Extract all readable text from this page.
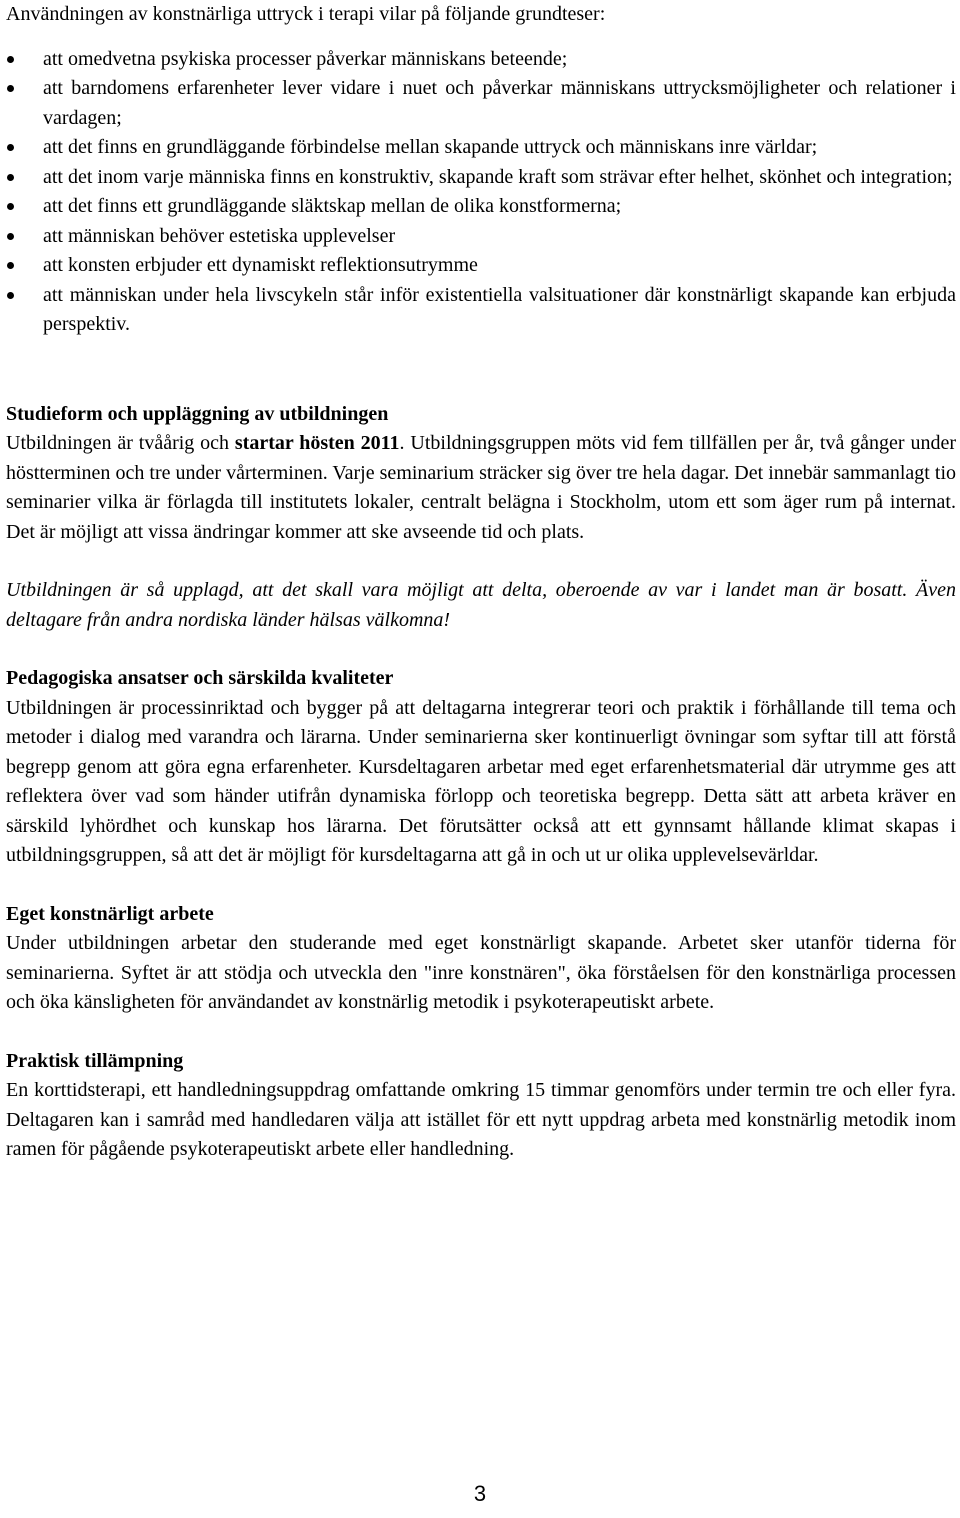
Användningen av konstnärliga uttryck i terapi vilar på följande grundteser:

att omedvetna psykiska processer påverkar människans beteende;
att barndomens erfarenheter lever vidare i nuet och påverkar människans uttrycksmöjligheter och relationer i vardagen;
att det finns en grundläggande förbindelse mellan skapande uttryck och människans inre världar;
att det inom varje människa finns en konstruktiv, skapande kraft som strävar efter helhet, skönhet och integration;
att det finns ett grundläggande släktskap mellan de olika konstformerna;
att människan behöver estetiska upplevelser
att konsten erbjuder ett dynamiskt reflektionsutrymme
att människan under hela livscykeln står inför existentiella valsituationer där konstnärligt skapande kan erbjuda perspektiv.

Studieform och uppläggning av utbildningen

Utbildningen är tvåårig och startar hösten 2011. Utbildningsgruppen möts vid fem tillfällen per år, två gånger under höstterminen och tre under vårterminen. Varje seminarium sträcker sig över tre hela dagar. Det innebär sammanlagt tio seminarier vilka är förlagda till institutets lokaler, centralt belägna i Stockholm, utom ett som äger rum på internat. Det är möjligt att vissa ändringar kommer att ske avseende tid och plats.

Utbildningen är så upplagd, att det skall vara möjligt att delta, oberoende av var i landet man är bosatt. Även deltagare från andra nordiska länder hälsas välkomna!

Pedagogiska ansatser och särskilda kvaliteter

Utbildningen är processinriktad och bygger på att deltagarna integrerar teori och praktik i förhållande till tema och metoder i dialog med varandra och lärarna. Under seminarierna sker kontinuerligt övningar som syftar till att förstå begrepp genom att göra egna erfarenheter. Kursdeltagaren arbetar med eget erfarenhetsmaterial där utrymme ges att reflektera över vad som händer utifrån dynamiska förlopp och teoretiska begrepp. Detta sätt att arbeta kräver en särskild lyhördhet och kunskap hos lärarna. Det förutsätter också att ett gynnsamt hållande klimat skapas i utbildningsgruppen, så att det är möjligt för kursdeltagarna att gå in och ut ur olika upplevelsevärldar.

Eget konstnärligt arbete

Under utbildningen arbetar den studerande med eget konstnärligt skapande. Arbetet sker utanför tiderna för seminarierna. Syftet är att stödja och utveckla den "inre konstnären", öka förståelsen för den konstnärliga processen och öka känsligheten för användandet av konstnärlig metodik i psykoterapeutiskt arbete.

Praktisk tillämpning

En korttidsterapi, ett handledningsuppdrag omfattande omkring 15 timmar genomförs under termin tre och eller fyra. Deltagaren kan i samråd med handledaren välja att istället för ett nytt uppdrag arbeta med konstnärlig metodik inom ramen för pågående psykoterapeutiskt arbete eller handledning.

3
